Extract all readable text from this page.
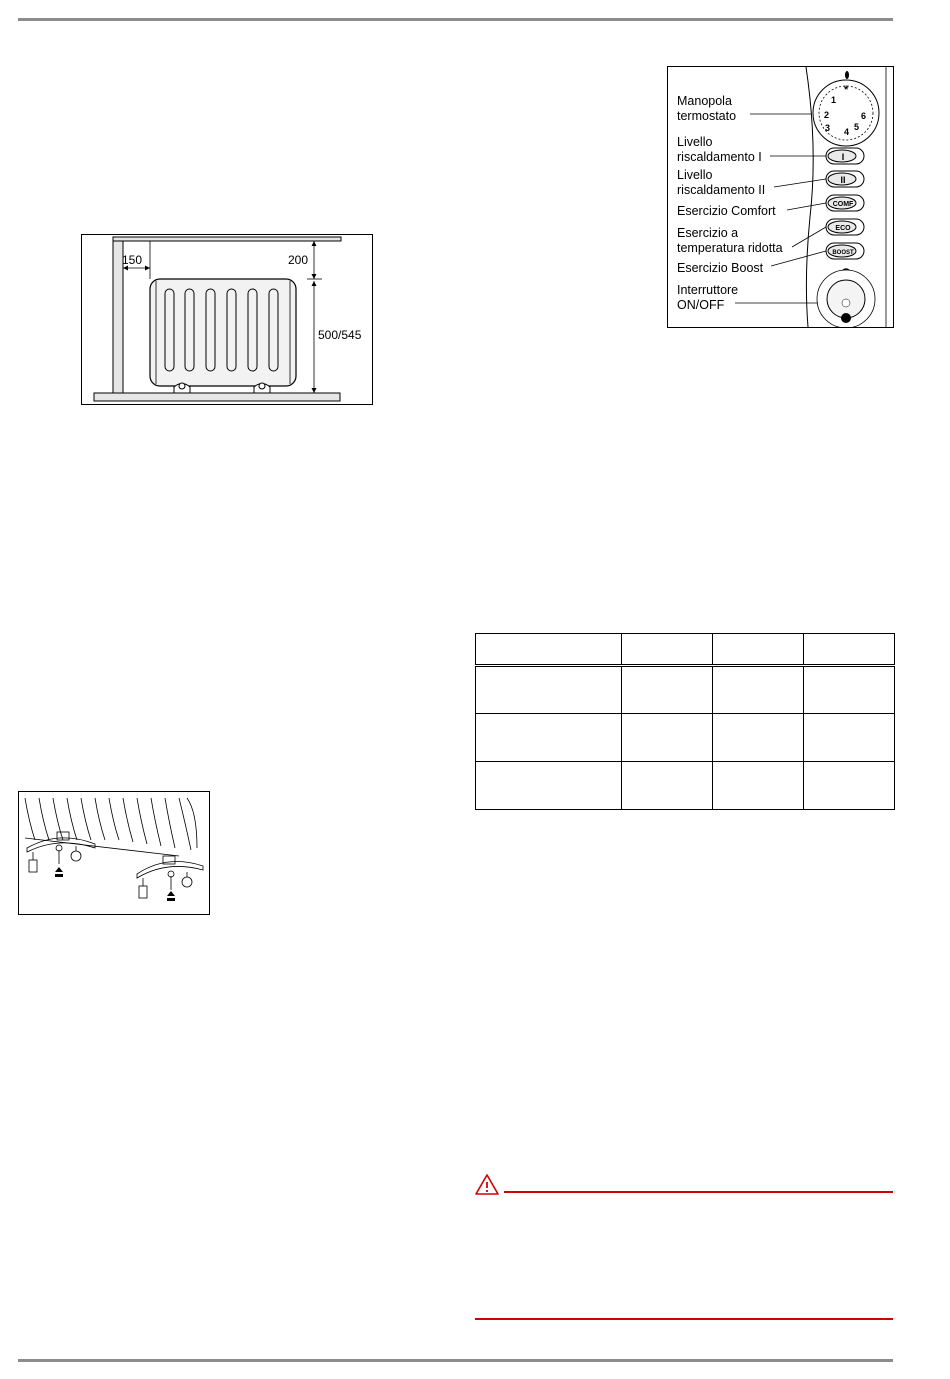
150	200
500/545
*
1
2
3 4 5
6
I
II
COMF
ECO
BOOST
Manopola termostato
Livello riscaldamento I
Livello riscaldamento II
Esercizio Comfort
Esercizio a temperatura ridotta
Esercizio Boost
Interruttore ON/OFF
